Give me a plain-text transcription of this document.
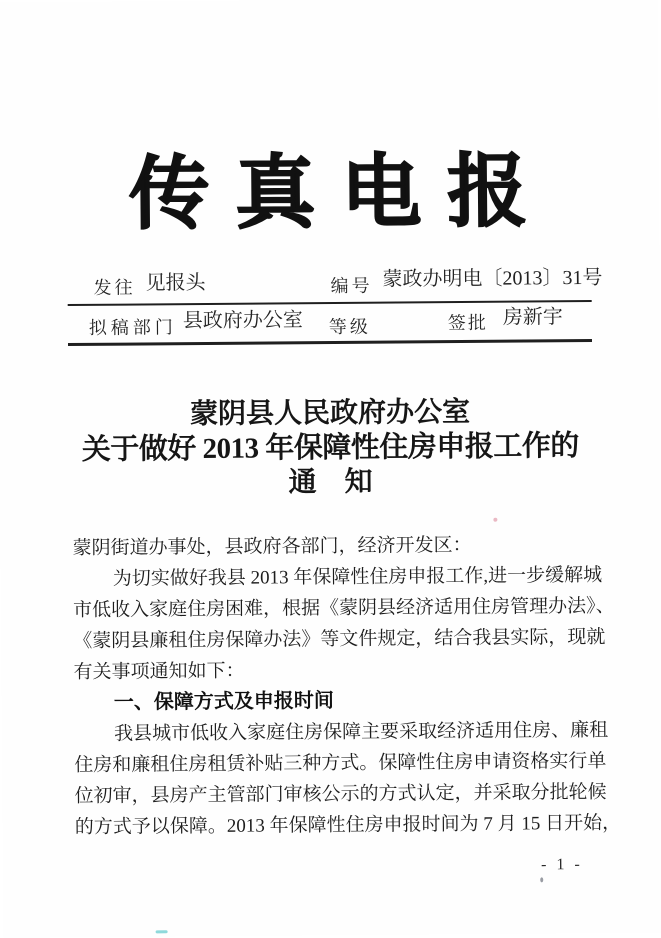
传真电报
发往 见报头	编号 蒙政办明电〔2013〕31号
拟稿部门 县政府办公室 等级	签批 房新宇
蒙阴县人民政府办公室
关于做好 2013 年保障性住房申报工作的
通　知
蒙阴街道办事处，县政府各部门，经济开发区：
为切实做好我县 2013 年保障性住房申报工作,进一步缓解城
市低收入家庭住房困难，根据《蒙阴县经济适用住房管理办法》、
《蒙阴县廉租住房保障办法》等文件规定，结合我县实际，现就
有关事项通知如下：
一、保障方式及申报时间
我县城市低收入家庭住房保障主要采取经济适用住房、廉租
住房和廉租住房租赁补贴三种方式。保障性住房申请资格实行单
位初审，县房产主管部门审核公示的方式认定，并采取分批轮候
的方式予以保障。2013 年保障性住房申报时间为 7 月 15 日开始，
- 1 -
